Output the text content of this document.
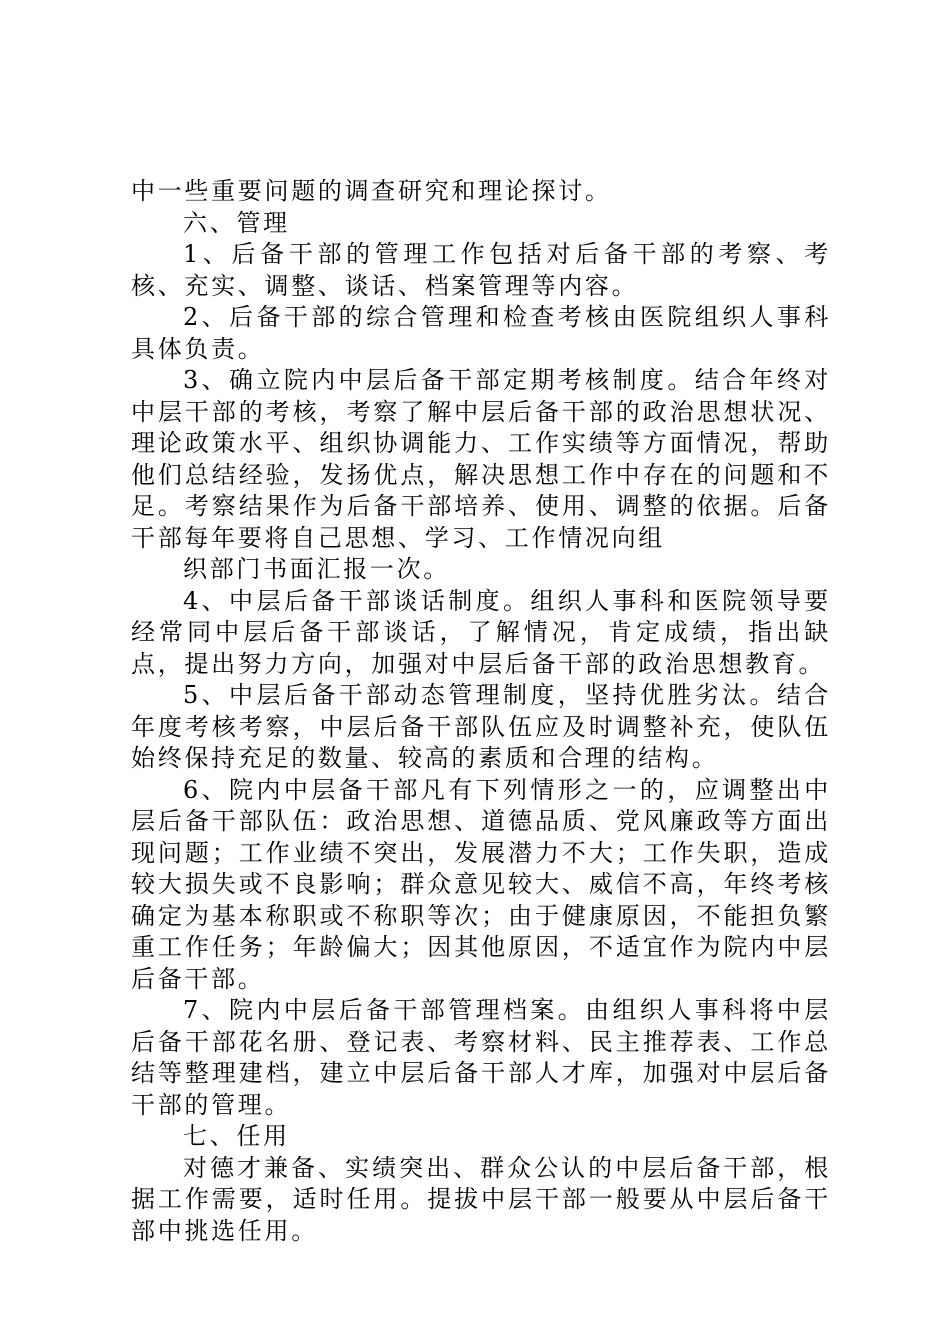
中一些重要问题的调查研究和理论探讨。

六、管理

1、后备干部的管理工作包括对后备干部的考察、考核、充实、调整、谈话、档案管理等内容。

2、后备干部的综合管理和检查考核由医院组织人事科具体负责。

3、确立院内中层后备干部定期考核制度。结合年终对中层干部的考核，考察了解中层后备干部的政治思想状况、理论政策水平、组织协调能力、工作实绩等方面情况，帮助他们总结经验，发扬优点，解决思想工作中存在的问题和不足。考察结果作为后备干部培养、使用、调整的依据。后备干部每年要将自己思想、学习、工作情况向组

织部门书面汇报一次。

4、中层后备干部谈话制度。组织人事科和医院领导要经常同中层后备干部谈话，了解情况，肯定成绩，指出缺点，提出努力方向，加强对中层后备干部的政治思想教育。

5、中层后备干部动态管理制度，坚持优胜劣汰。结合年度考核考察，中层后备干部队伍应及时调整补充，使队伍始终保持充足的数量、较高的素质和合理的结构。

6、院内中层备干部凡有下列情形之一的，应调整出中层后备干部队伍：政治思想、道德品质、党风廉政等方面出现问题；工作业绩不突出，发展潜力不大；工作失职，造成较大损失或不良影响；群众意见较大、威信不高，年终考核确定为基本称职或不称职等次；由于健康原因，不能担负繁重工作任务；年龄偏大；因其他原因，不适宜作为院内中层后备干部。

7、院内中层后备干部管理档案。由组织人事科将中层后备干部花名册、登记表、考察材料、民主推荐表、工作总结等整理建档，建立中层后备干部人才库，加强对中层后备干部的管理。

七、任用

对德才兼备、实绩突出、群众公认的中层后备干部，根据工作需要，适时任用。提拔中层干部一般要从中层后备干部中挑选任用。
